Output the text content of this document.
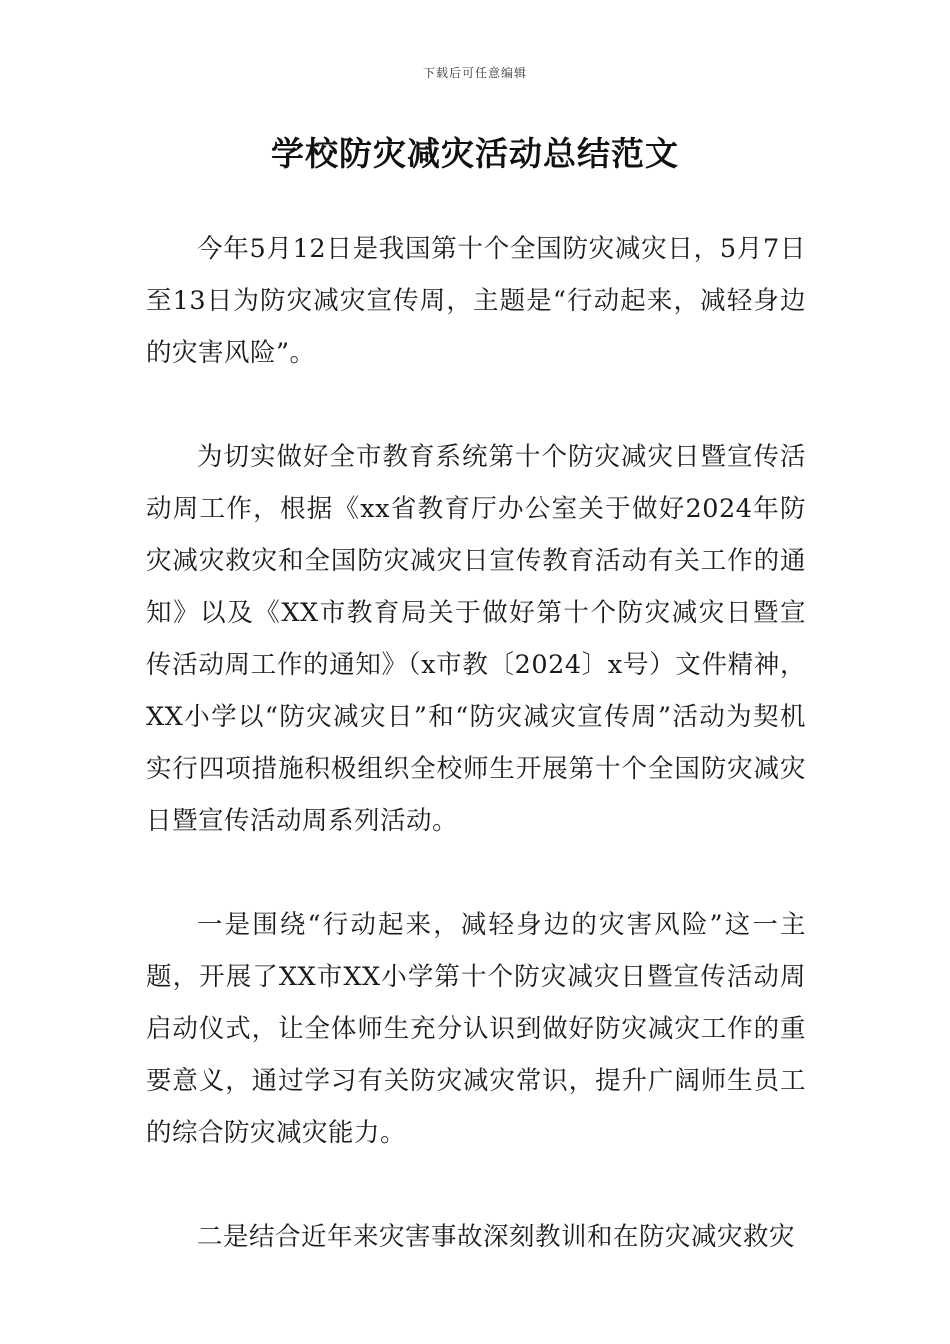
下载后可任意编辑
学校防灾减灾活动总结范文

今年5月12日是我国第十个全国防灾减灾日，5月7日至13日为防灾减灾宣传周，主题是“行动起来，减轻身边的灾害风险”。

为切实做好全市教育系统第十个防灾减灾日暨宣传活动周工作，根据《xx省教育厅办公室关于做好2024年防灾减灾救灾和全国防灾减灾日宣传教育活动有关工作的通知》以及《XX市教育局关于做好第十个防灾减灾日暨宣传活动周工作的通知》（x市教〔2024〕x号）文件精神，XX小学以“防灾减灾日”和“防灾减灾宣传周”活动为契机实行四项措施积极组织全校师生开展第十个全国防灾减灾日暨宣传活动周系列活动。

一是围绕“行动起来，减轻身边的灾害风险”这一主题，开展了XX市XX小学第十个防灾减灾日暨宣传活动周启动仪式，让全体师生充分认识到做好防灾减灾工作的重要意义，通过学习有关防灾减灾常识，提升广阔师生员工的综合防灾减灾能力。

二是结合近年来灾害事故深刻教训和在防灾减灾救灾
